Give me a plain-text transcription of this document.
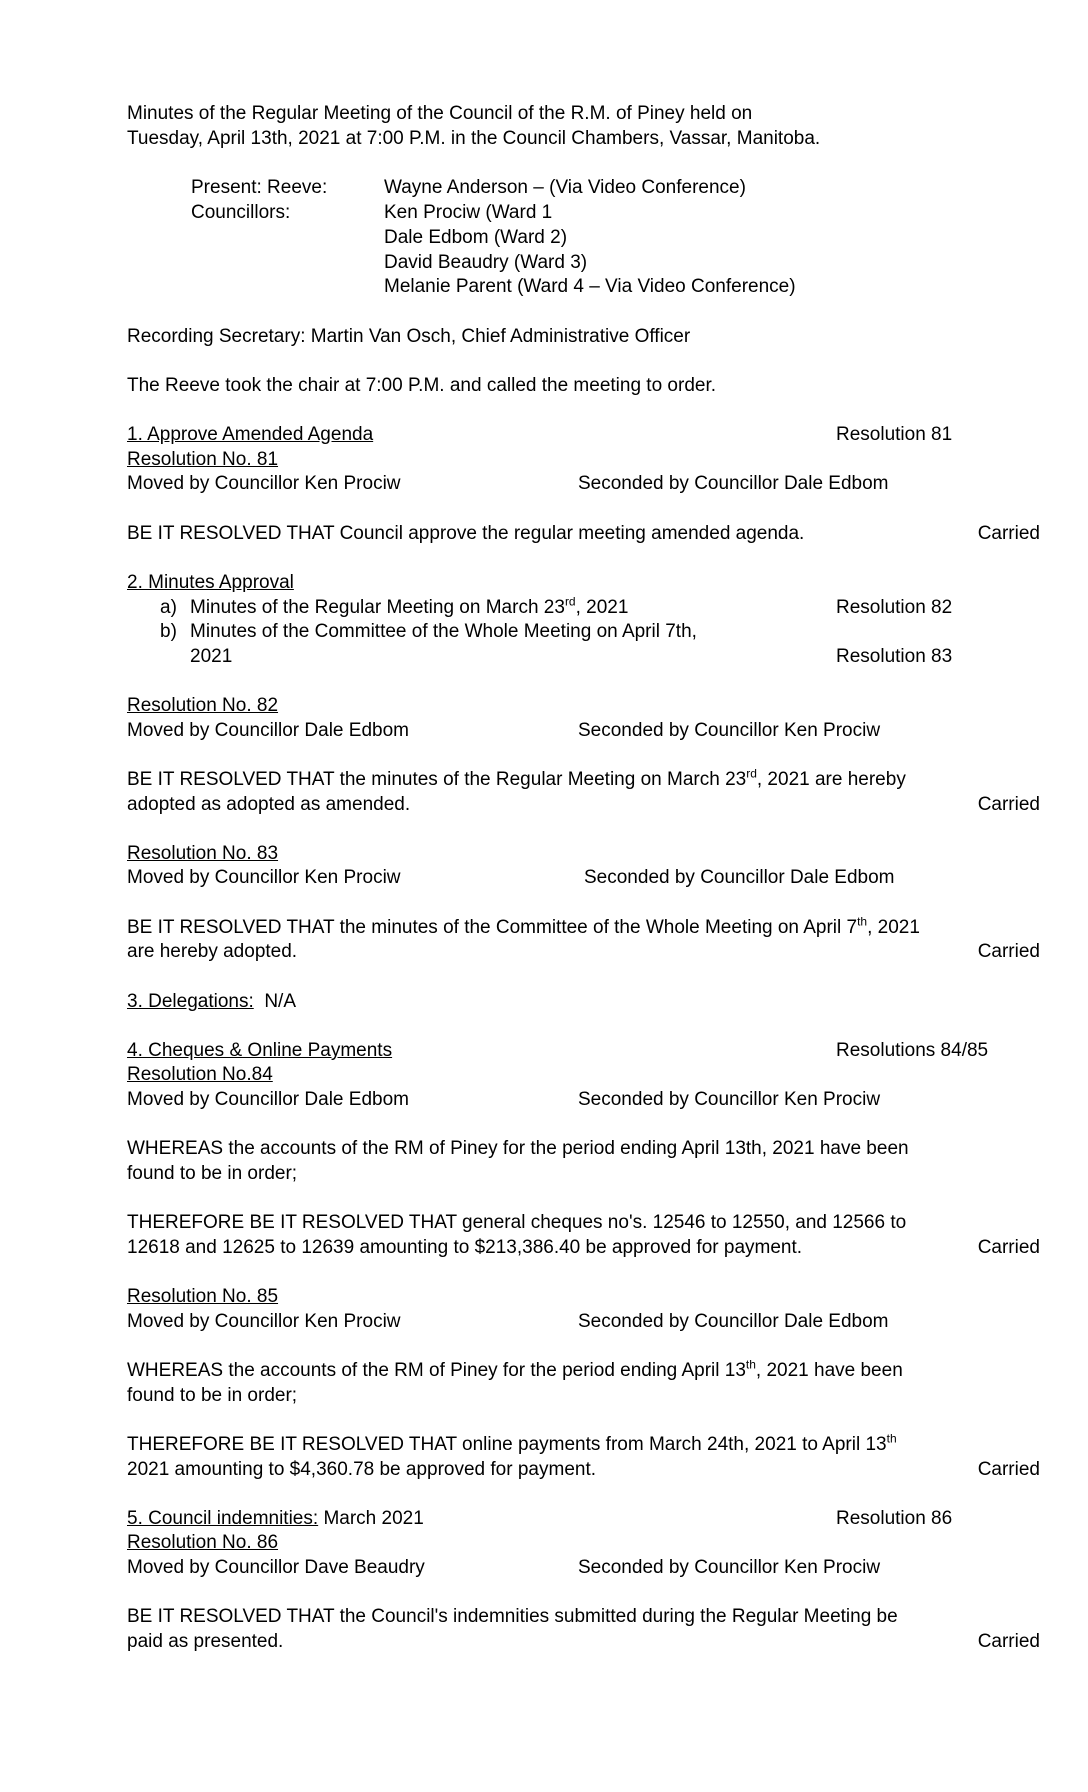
Minutes of the Regular Meeting of the Council of the R.M. of Piney held on
Tuesday, April 13th, 2021 at 7:00 P.M. in the Council Chambers, Vassar, Manitoba.
Present: Reeve:	Wayne Anderson – (Via Video Conference)
Councillors:	Ken Prociw (Ward 1
Dale Edbom (Ward 2)
David Beaudry (Ward 3)
Melanie Parent (Ward 4 – Via Video Conference)
Recording Secretary: Martin Van Osch, Chief Administrative Officer
The Reeve took the chair at 7:00 P.M. and called the meeting to order.
1. Approve Amended Agenda	Resolution 81
Resolution No. 81
Moved by Councillor Ken Prociw	Seconded by Councillor Dale Edbom
BE IT RESOLVED THAT Council approve the regular meeting amended agenda.	Carried
2. Minutes Approval
a) Minutes of the Regular Meeting on March 23rd, 2021	Resolution 82
b) Minutes of the Committee of the Whole Meeting on April 7th,
2021	Resolution 83
Resolution No. 82
Moved by Councillor Dale Edbom	Seconded by Councillor Ken Prociw
BE IT RESOLVED THAT the minutes of the Regular Meeting on March 23rd, 2021 are hereby
adopted as adopted as amended.	Carried
Resolution No. 83
Moved by Councillor Ken Prociw	Seconded by Councillor Dale Edbom
BE IT RESOLVED THAT the minutes of the Committee of the Whole Meeting on April 7th, 2021
are hereby adopted.	Carried
3. Delegations: N/A
4. Cheques & Online Payments	Resolutions 84/85
Resolution No.84
Moved by Councillor Dale Edbom	Seconded by Councillor Ken Prociw
WHEREAS the accounts of the RM of Piney for the period ending April 13th, 2021 have been
found to be in order;
THEREFORE BE IT RESOLVED THAT general cheques no's. 12546 to 12550, and 12566 to
12618 and 12625 to 12639 amounting to $213,386.40 be approved for payment.	Carried
Resolution No. 85
Moved by Councillor Ken Prociw	Seconded by Councillor Dale Edbom
WHEREAS the accounts of the RM of Piney for the period ending April 13th, 2021 have been
found to be in order;
THEREFORE BE IT RESOLVED THAT online payments from March 24th, 2021 to April 13th
2021 amounting to $4,360.78 be approved for payment.	Carried
5. Council indemnities: March 2021	Resolution 86
Resolution No. 86
Moved by Councillor Dave Beaudry	Seconded by Councillor Ken Prociw
BE IT RESOLVED THAT the Council's indemnities submitted during the Regular Meeting be
paid as presented.	Carried
